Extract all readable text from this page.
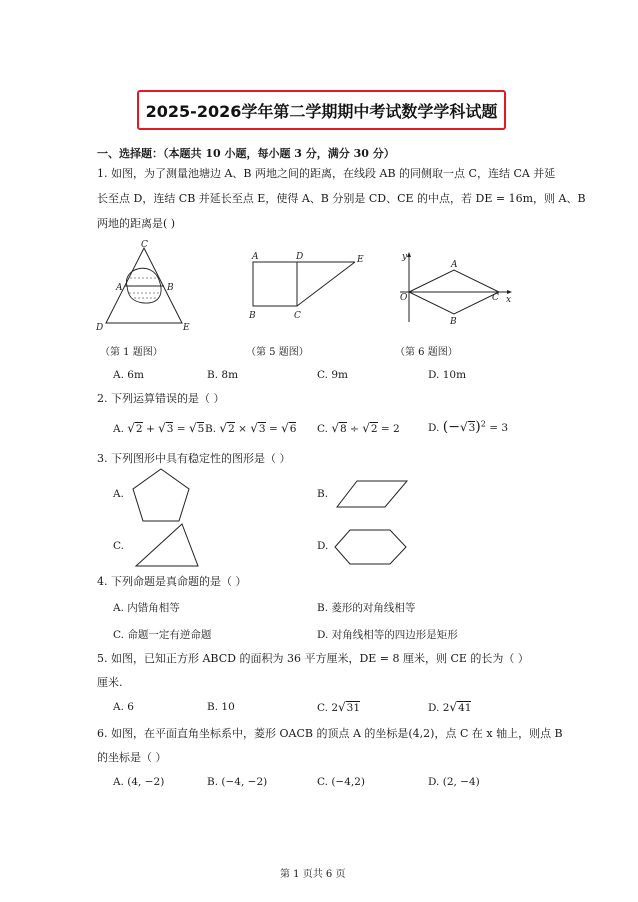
2025-2026学年第二学期期中考试数学学科试题
一、选择题：（本题共 10 小题，每小题 3 分，满分 30 分）
1. 如图，为了测量池塘边 A、B 两地之间的距离，在线段 AB 的同侧取一点 C，连结 CA 并延
长至点 D，连结 CB 并延长至点 E，使得 A、B 分别是 CD、CE 的中点，若 DE = 16m，则 A、B
两地的距离是( )
C
A	B
D	E
A	D	E
B	C
y
A
O	C x
B
（第 1 题图）	（第 5 题图）	（第 6 题图）
A. 6m	B. 8m	C. 9m	D. 10m
2. 下列运算错误的是（ ）
A. √2 + √3 = √5 B. √2 × √3 = √6 C. √8 ÷ √2 = 2	D. $(-√3)^2 = 3$
3. 下列图形中具有稳定性的图形是（ ）
A.	B.
C.	D.
4. 下列命题是真命题的是（ ）
A. 内错角相等	B. 菱形的对角线相等
C. 命题一定有逆命题	D. 对角线相等的四边形是矩形
5. 如图，已知正方形 ABCD 的面积为 36 平方厘米，DE = 8 厘米，则 CE 的长为（ ）
厘米.
A. 6	B. 10	C. 2√31	D. 2√41
6. 如图，在平面直角坐标系中，菱形 OACB 的顶点 A 的坐标是(4,2)，点 C 在 x 轴上，则点 B
的坐标是（ ）
A. (4, −2)	B. (−4, −2)	C. (−4,2)	D. (2, −4)
第 1 页共 6 页
